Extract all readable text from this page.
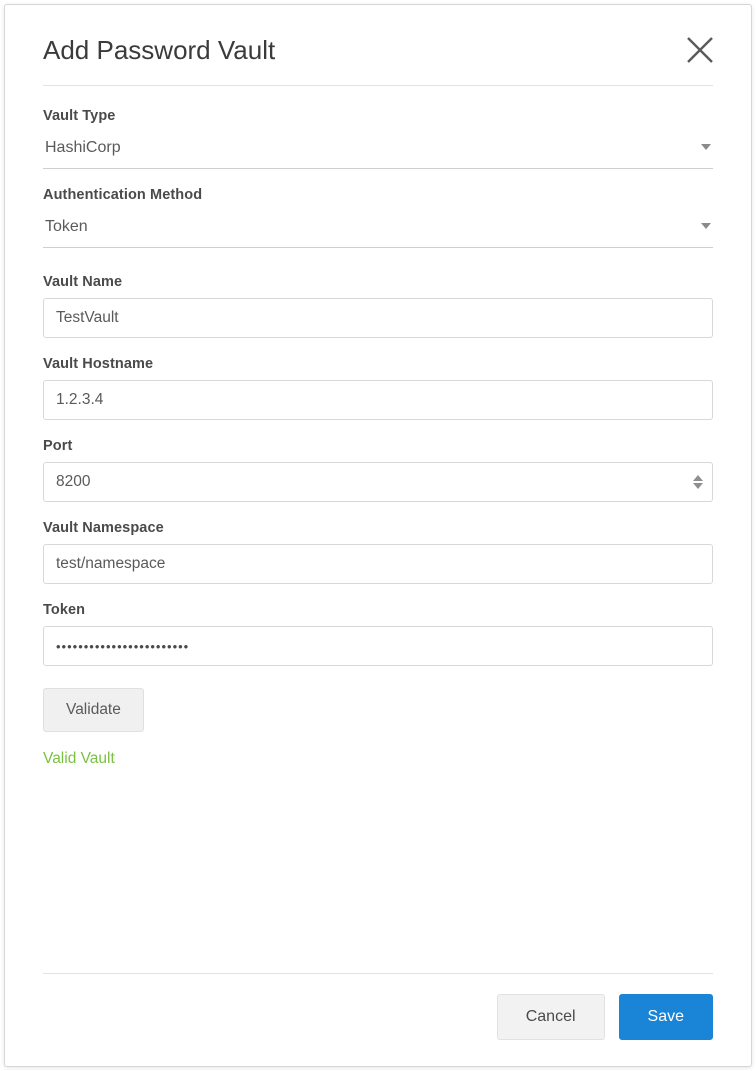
Add Password Vault
Vault Type
HashiCorp
Authentication Method
Token
Vault Name
TestVault
Vault Hostname
1.2.3.4
Port
8200
Vault Namespace
test/namespace
Token
••••••••••••••••••••••••
Validate
Valid Vault
Cancel	Save
